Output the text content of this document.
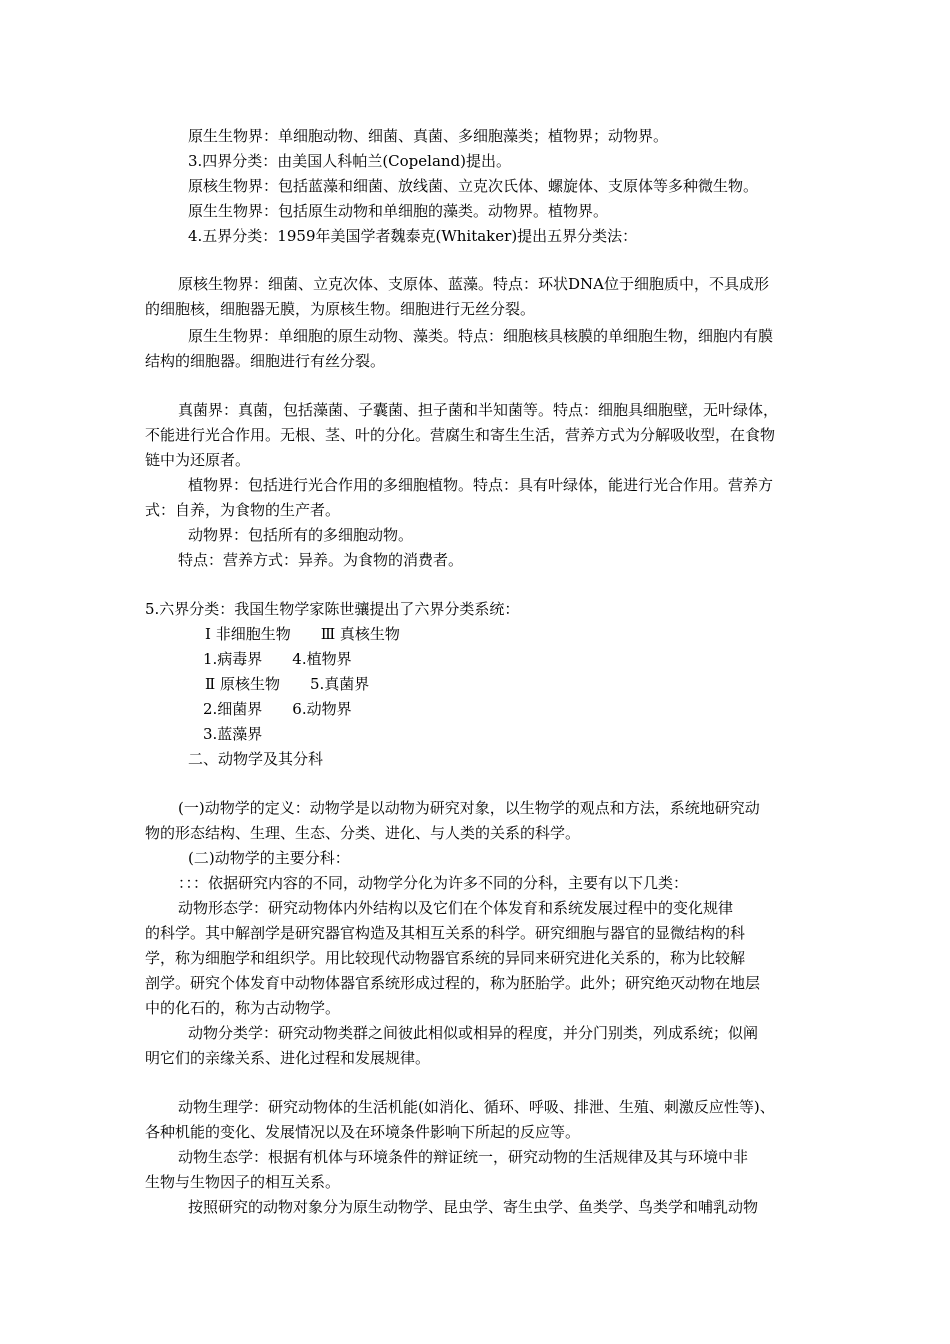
原生生物界：单细胞动物、细菌、真菌、多细胞藻类；植物界；动物界。
3.四界分类：由美国人科帕兰(Copeland)提出。
原核生物界：包括蓝藻和细菌、放线菌、立克次氏体、螺旋体、支原体等多种微生物。
原生生物界：包括原生动物和单细胞的藻类。动物界。植物界。
4.五界分类：1959年美国学者魏泰克(Whitaker)提出五界分类法：
原核生物界：细菌、立克次体、支原体、蓝藻。特点：环状DNA位于细胞质中，不具成形
的细胞核，细胞器无膜，为原核生物。细胞进行无丝分裂。
原生生物界：单细胞的原生动物、藻类。特点：细胞核具核膜的单细胞生物，细胞内有膜
结构的细胞器。细胞进行有丝分裂。
真菌界：真菌，包括藻菌、子囊菌、担子菌和半知菌等。特点：细胞具细胞壁，无叶绿体，
不能进行光合作用。无根、茎、叶的分化。营腐生和寄生生活，营养方式为分解吸收型，在食物
链中为还原者。
植物界：包括进行光合作用的多细胞植物。特点：具有叶绿体，能进行光合作用。营养方
式：自养，为食物的生产者。
动物界：包括所有的多细胞动物。
特点：营养方式：异养。为食物的消费者。
5.六界分类：我国生物学家陈世骧提出了六界分类系统：
Ⅰ 非细胞生物　　Ⅲ 真核生物
1.病毒界　　4.植物界
Ⅱ 原核生物　　5.真菌界
2.细菌界　　6.动物界
3.蓝藻界
二、动物学及其分科
(一)动物学的定义：动物学是以动物为研究对象，以生物学的观点和方法，系统地研究动
物的形态结构、生理、生态、分类、进化、与人类的关系的科学。
(二)动物学的主要分科：
：：：依据研究内容的不同，动物学分化为许多不同的分科，主要有以下几类：
动物形态学：研究动物体内外结构以及它们在个体发育和系统发展过程中的变化规律
的科学。其中解剖学是研究器官构造及其相互关系的科学。研究细胞与器官的显微结构的科
学，称为细胞学和组织学。用比较现代动物器官系统的异同来研究进化关系的，称为比较解
剖学。研究个体发育中动物体器官系统形成过程的，称为胚胎学。此外；研究绝灭动物在地层
中的化石的，称为古动物学。
动物分类学：研究动物类群之间彼此相似或相异的程度，并分门别类，列成系统；似阐
明它们的亲缘关系、进化过程和发展规律。
动物生理学：研究动物体的生活机能(如消化、循环、呼吸、排泄、生殖、刺激反应性等)、
各种机能的变化、发展情况以及在环境条件影响下所起的反应等。
动物生态学：根据有机体与环境条件的辩证统一，研究动物的生活规律及其与环境中非
生物与生物因子的相互关系。
按照研究的动物对象分为原生动物学、昆虫学、寄生虫学、鱼类学、鸟类学和哺乳动物
